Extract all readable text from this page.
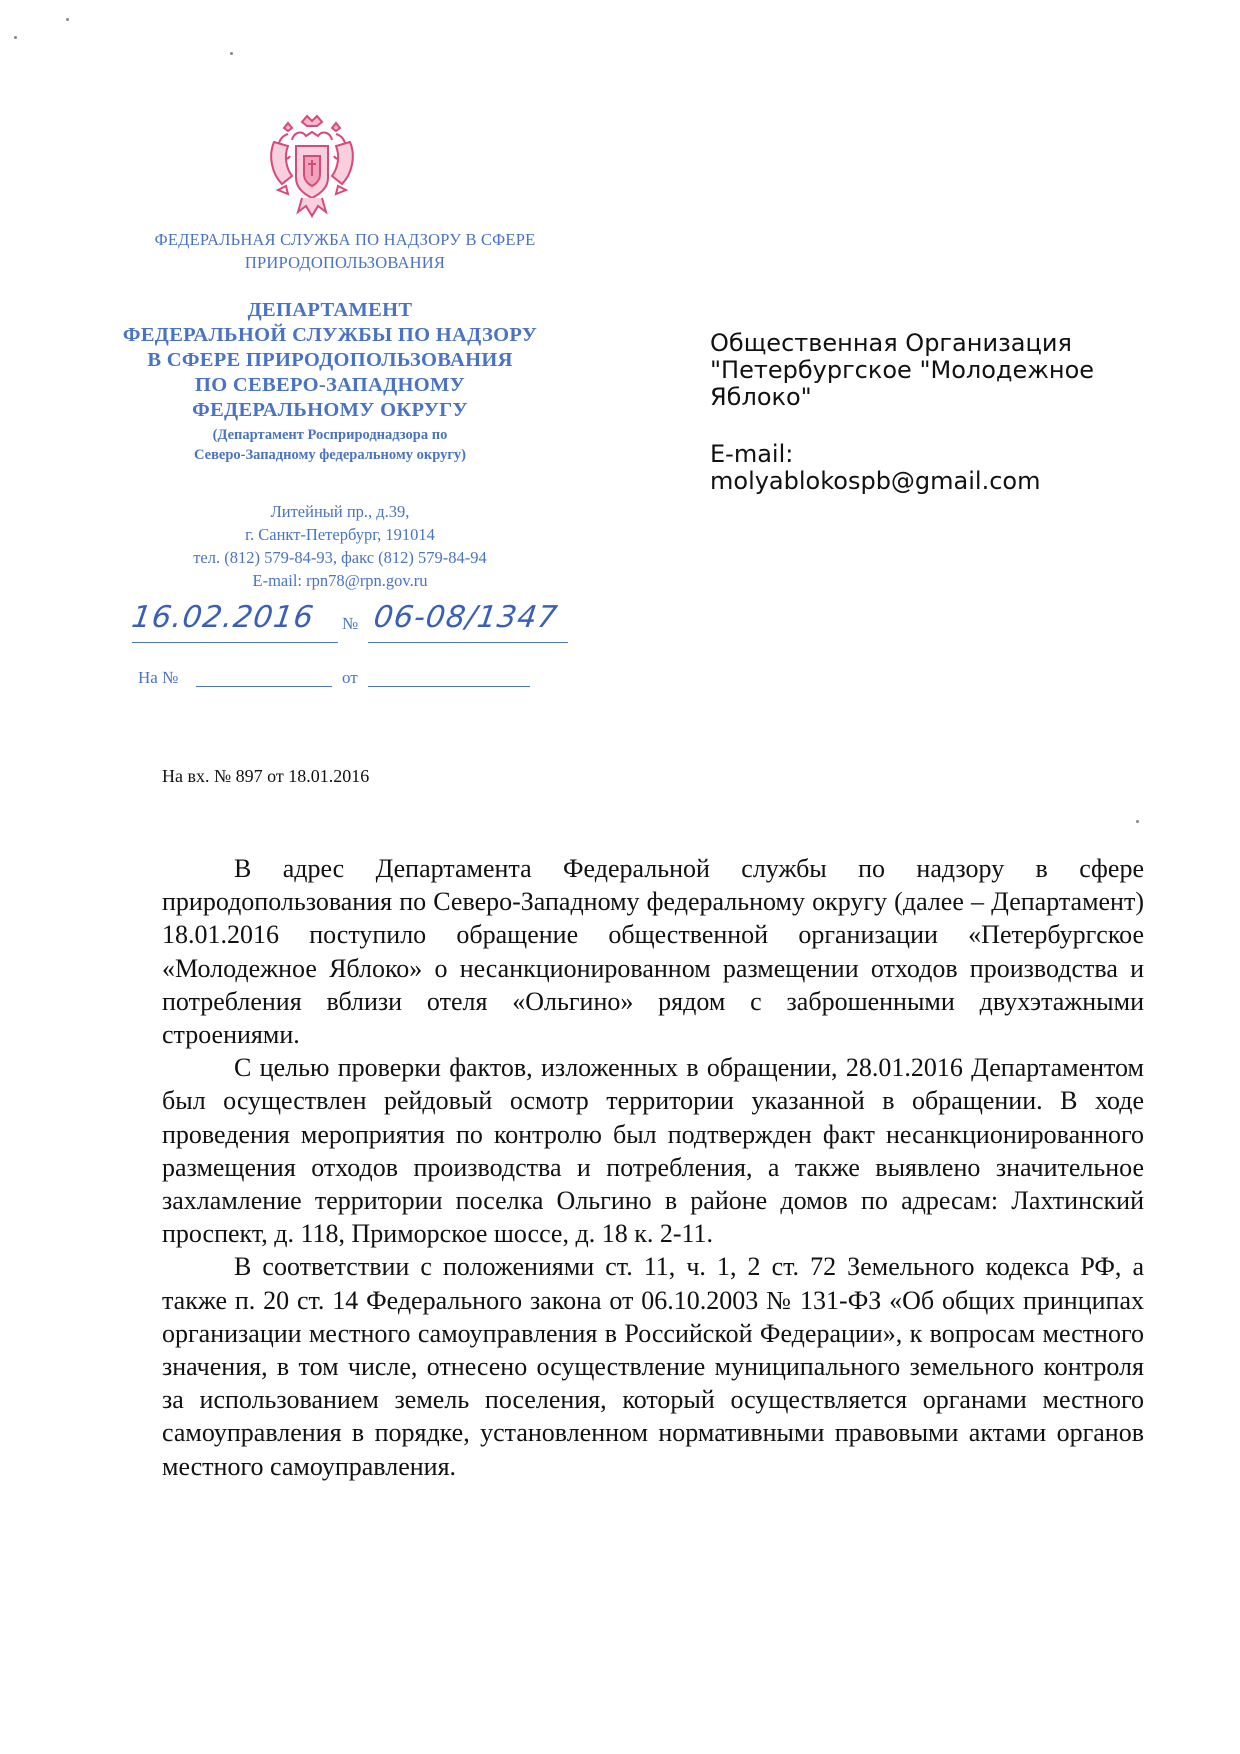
ФЕДЕРАЛЬНАЯ СЛУЖБА ПО НАДЗОРУ В СФЕРЕ
ПРИРОДОПОЛЬЗОВАНИЯ
ДЕПАРТАМЕНТ
ФЕДЕРАЛЬНОЙ СЛУЖБЫ ПО НАДЗОРУ
В СФЕРЕ ПРИРОДОПОЛЬЗОВАНИЯ
ПО СЕВЕРО-ЗАПАДНОМУ
ФЕДЕРАЛЬНОМУ ОКРУГУ
(Департамент Росприроднадзора по
Северо-Западному федеральному округу)
Литейный пр., д.39,
г. Санкт-Петербург, 191014
тел. (812) 579-84-93, факс (812) 579-84-94
E-mail: rpn78@rpn.gov.ru
16.02.2016 № 06-08/1347
На №	от
Общественная Организация
"Петербургское "Молодежное
Яблоко"
E-mail:
molyablokospb@gmail.com
На вх. № 897 от 18.01.2016

В адрес Департамента Федеральной службы по надзору в сфере природопользования по Северо-Западному федеральному округу (далее – Департамент) 18.01.2016 поступило обращение общественной организации «Петербургское «Молодежное Яблоко» о несанкционированном размещении отходов производства и потребления вблизи отеля «Ольгино» рядом с заброшенными двухэтажными строениями.

С целью проверки фактов, изложенных в обращении, 28.01.2016 Департаментом был осуществлен рейдовый осмотр территории указанной в обращении. В ходе проведения мероприятия по контролю был подтвержден факт несанкционированного размещения отходов производства и потребления, а также выявлено значительное захламление территории поселка Ольгино в районе домов по адресам: Лахтинский проспект, д. 118, Приморское шоссе, д. 18 к. 2-11.

В соответствии с положениями ст. 11, ч. 1, 2 ст. 72 Земельного кодекса РФ, а также п. 20 ст. 14 Федерального закона от 06.10.2003 № 131-ФЗ «Об общих принципах организации местного самоуправления в Российской Федерации», к вопросам местного значения, в том числе, отнесено осуществление муниципального земельного контроля за использованием земель поселения, который осуществляется органами местного самоуправления в порядке, установленном нормативными правовыми актами органов местного самоуправления.
